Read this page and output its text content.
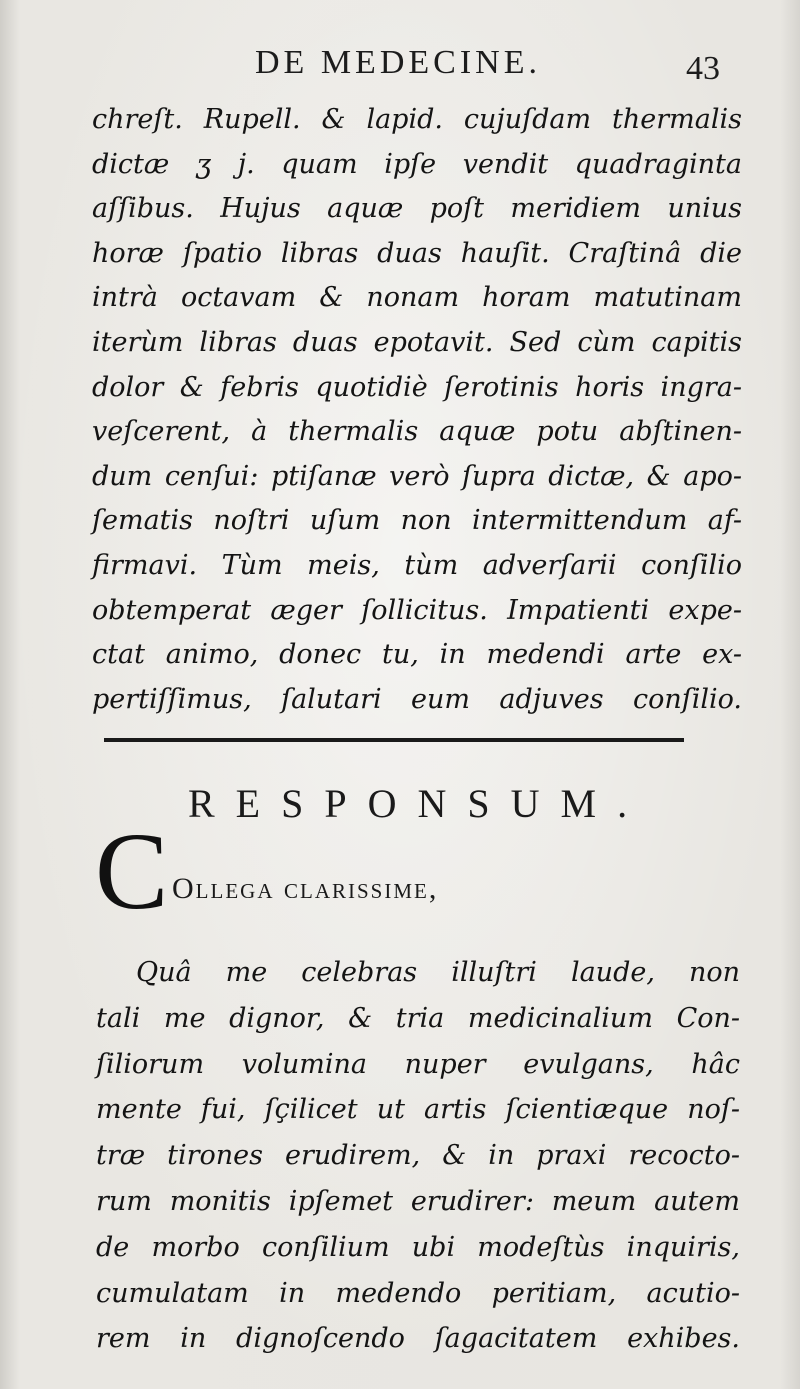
DE MEDECINE.	43
chreſt. Rupell. & lapid. cujuſdam thermalis
dictæ ʒ j. quam ipſe vendit quadraginta
aſſibus. Hujus aquæ poſt meridiem unius
horæ ſpatio libras duas hauſit. Craſtinâ die
intrà octavam & nonam horam matutinam
iterùm libras duas epotavit. Sed cùm capitis
dolor & febris quotidiè ſerotinis horis ingra-
veſcerent, à thermalis aquæ potu abſtinen-
dum cenſui: ptiſanæ verò ſupra dictæ, & apo-
ſematis noſtri uſum non intermittendum af-
firmavi. Tùm meis, tùm adverſarii conſilio
obtemperat æger ſollicitus. Impatienti expe-
ctat animo, donec tu, in medendi arte ex-
pertiſſimus, ſalutari eum adjuves conſilio.
RESPONSUM.
C Ollega clarissime,
Quâ me celebras illuſtri laude, non
tali me dignor, & tria medicinalium Con-
ſiliorum volumina nuper evulgans, hâc
mente fui, ſçilicet ut artis ſcientiæque noſ-
træ tirones erudirem, & in praxi recocto-
rum monitis ipſemet erudirer: meum autem
de morbo conſilium ubi modeſtùs inquiris,
cumulatam in medendo peritiam, acutio-
rem in dignoſcendo ſagacitatem exhibes.
